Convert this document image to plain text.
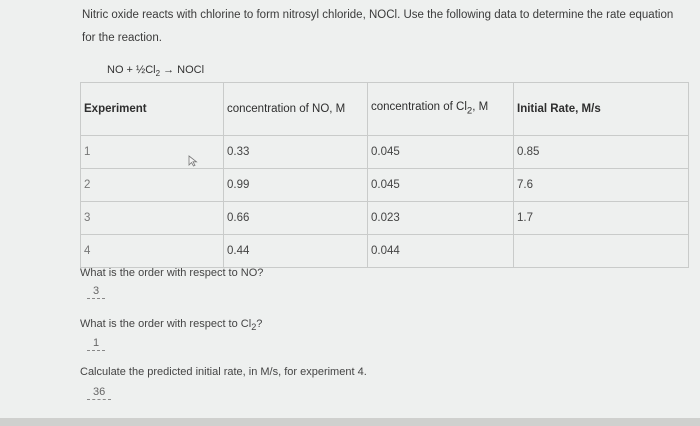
Nitric oxide reacts with chlorine to form nitrosyl chloride, NOCl. Use the following data to determine the rate equation for the reaction.
NO + $\frac{1}{2}Cl_2$ → NOCl
Experiment	concentration of NO, M	concentration of $Cl_2$, M	Initial Rate, M/s
1	0.33	0.045	0.85
2	0.99	0.045	7.6
3	0.66	0.023	1.7
4	0.44	0.044	
What is the order with respect to NO?
3
What is the order with respect to $Cl_2$?
1
Calculate the predicted initial rate, in M/s, for experiment 4.
36
